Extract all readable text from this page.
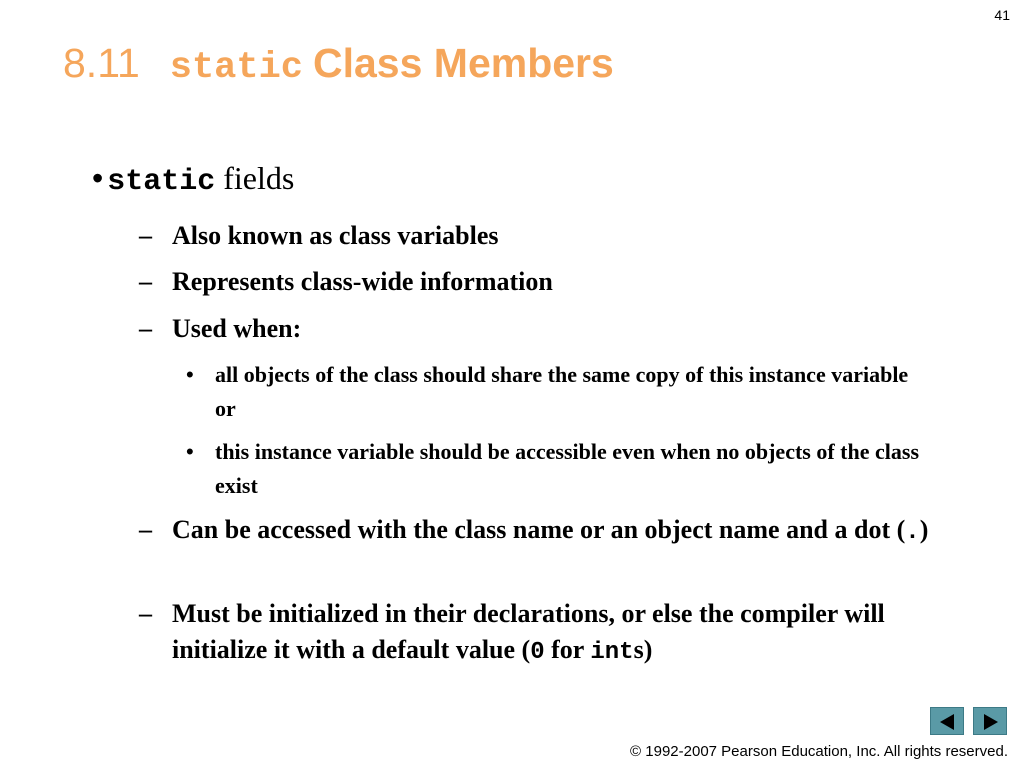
41
8.11 static Class Members
• static fields
– Also known as class variables
– Represents class-wide information
– Used when:
• all objects of the class should share the same copy of this instance variable or
• this instance variable should be accessible even when no objects of the class exist
– Can be accessed with the class name or an object name and a dot (.)
– Must be initialized in their declarations, or else the compiler will initialize it with a default value (0 for ints)
© 1992-2007 Pearson Education, Inc. All rights reserved.
